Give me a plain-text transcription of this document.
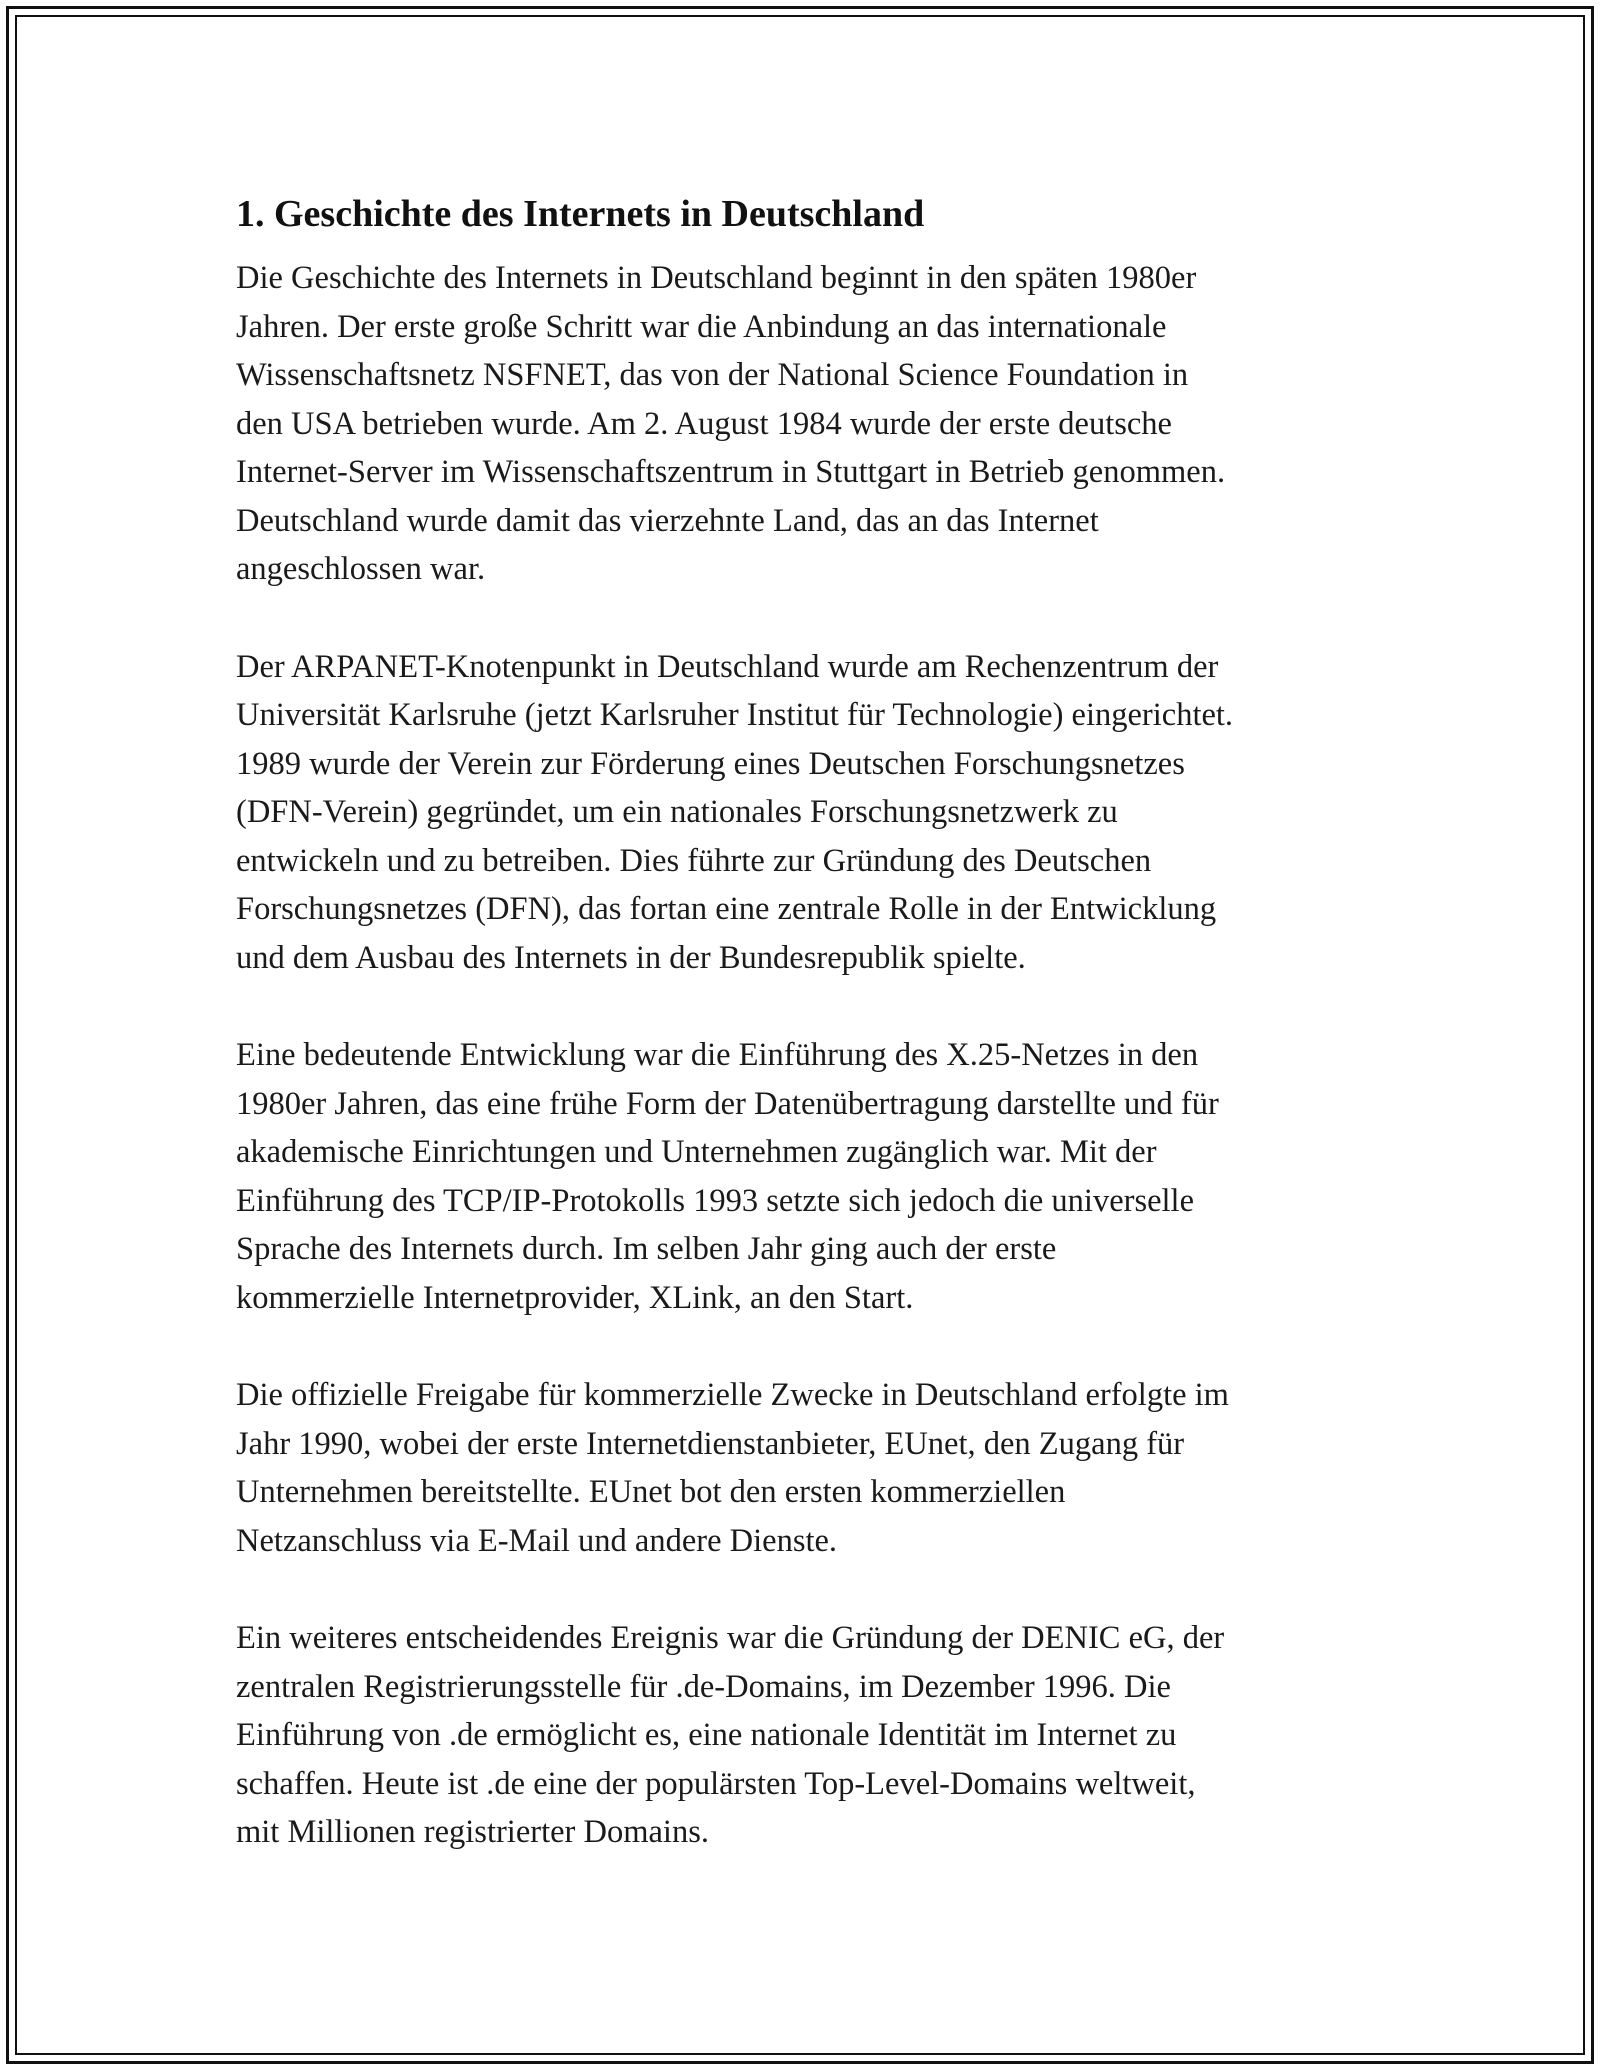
1. Geschichte des Internets in Deutschland

Die Geschichte des Internets in Deutschland beginnt in den späten 1980er
Jahren. Der erste große Schritt war die Anbindung an das internationale
Wissenschaftsnetz NSFNET, das von der National Science Foundation in
den USA betrieben wurde. Am 2. August 1984 wurde der erste deutsche
Internet-Server im Wissenschaftszentrum in Stuttgart in Betrieb genommen.
Deutschland wurde damit das vierzehnte Land, das an das Internet
angeschlossen war.

Der ARPANET-Knotenpunkt in Deutschland wurde am Rechenzentrum der
Universität Karlsruhe (jetzt Karlsruher Institut für Technologie) eingerichtet.
1989 wurde der Verein zur Förderung eines Deutschen Forschungsnetzes
(DFN-Verein) gegründet, um ein nationales Forschungsnetzwerk zu
entwickeln und zu betreiben. Dies führte zur Gründung des Deutschen
Forschungsnetzes (DFN), das fortan eine zentrale Rolle in der Entwicklung
und dem Ausbau des Internets in der Bundesrepublik spielte.

Eine bedeutende Entwicklung war die Einführung des X.25-Netzes in den
1980er Jahren, das eine frühe Form der Datenübertragung darstellte und für
akademische Einrichtungen und Unternehmen zugänglich war. Mit der
Einführung des TCP/IP-Protokolls 1993 setzte sich jedoch die universelle
Sprache des Internets durch. Im selben Jahr ging auch der erste
kommerzielle Internetprovider, XLink, an den Start.

Die offizielle Freigabe für kommerzielle Zwecke in Deutschland erfolgte im
Jahr 1990, wobei der erste Internetdienstanbieter, EUnet, den Zugang für
Unternehmen bereitstellte. EUnet bot den ersten kommerziellen
Netzanschluss via E-Mail und andere Dienste.

Ein weiteres entscheidendes Ereignis war die Gründung der DENIC eG, der
zentralen Registrierungsstelle für .de-Domains, im Dezember 1996. Die
Einführung von .de ermöglicht es, eine nationale Identität im Internet zu
schaffen. Heute ist .de eine der populärsten Top-Level-Domains weltweit,
mit Millionen registrierter Domains.
